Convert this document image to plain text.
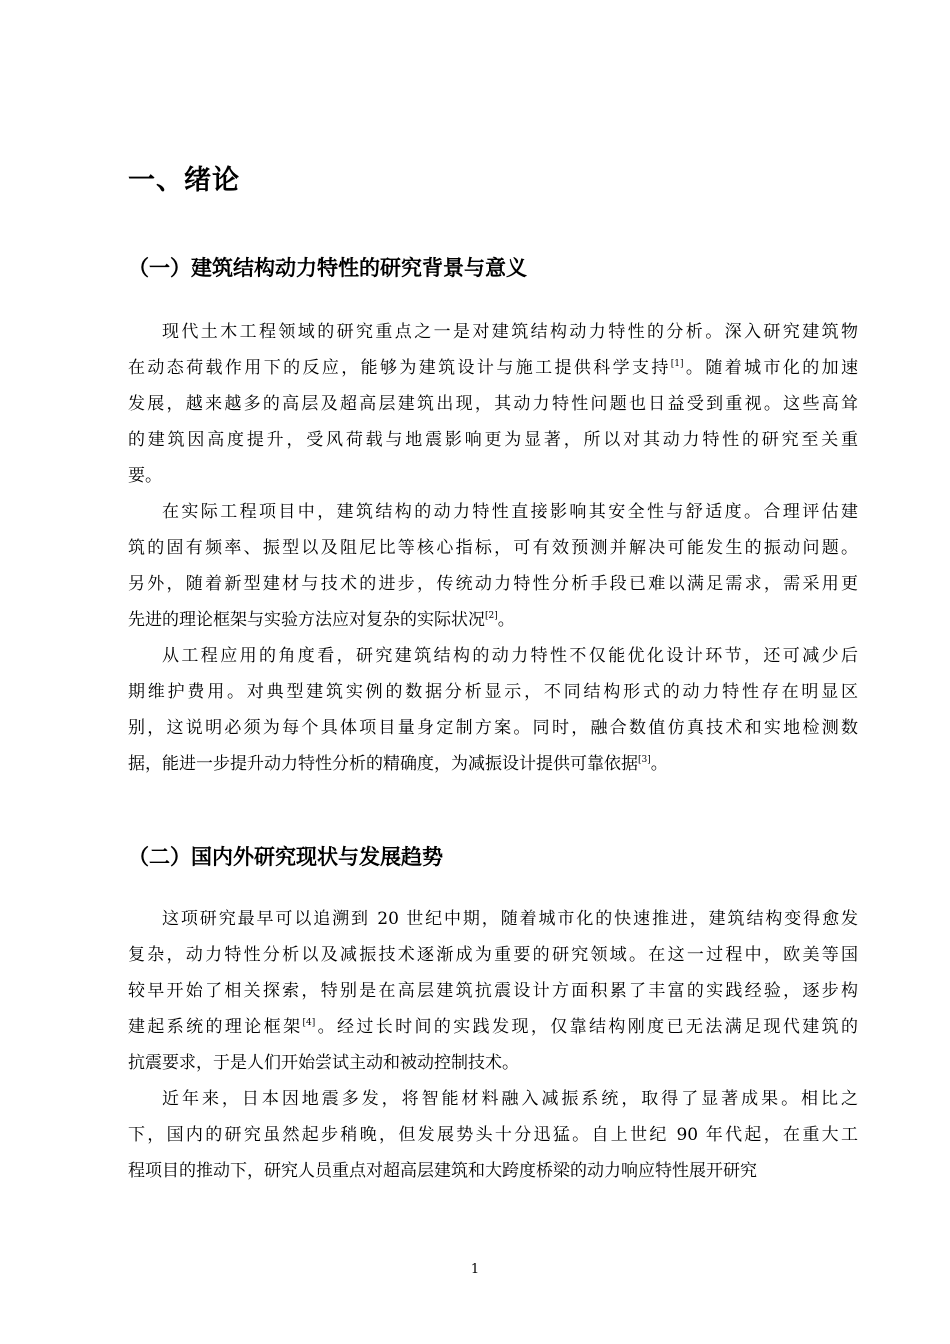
一、绪论
（一）建筑结构动力特性的研究背景与意义
现代土木工程领域的研究重点之一是对建筑结构动力特性的分析。深入研究建筑物
在动态荷载作用下的反应，能够为建筑设计与施工提供科学支持[1]。随着城市化的加速
发展，越来越多的高层及超高层建筑出现，其动力特性问题也日益受到重视。这些高耸
的建筑因高度提升，受风荷载与地震影响更为显著，所以对其动力特性的研究至关重
要。
在实际工程项目中，建筑结构的动力特性直接影响其安全性与舒适度。合理评估建
筑的固有频率、振型以及阻尼比等核心指标，可有效预测并解决可能发生的振动问题。
另外，随着新型建材与技术的进步，传统动力特性分析手段已难以满足需求，需采用更
先进的理论框架与实验方法应对复杂的实际状况[2]。
从工程应用的角度看，研究建筑结构的动力特性不仅能优化设计环节，还可减少后
期维护费用。对典型建筑实例的数据分析显示，不同结构形式的动力特性存在明显区
别，这说明必须为每个具体项目量身定制方案。同时，融合数值仿真技术和实地检测数
据，能进一步提升动力特性分析的精确度，为减振设计提供可靠依据[3]。
（二）国内外研究现状与发展趋势
这项研究最早可以追溯到 20 世纪中期，随着城市化的快速推进，建筑结构变得愈发
复杂，动力特性分析以及减振技术逐渐成为重要的研究领域。在这一过程中，欧美等国
较早开始了相关探索，特别是在高层建筑抗震设计方面积累了丰富的实践经验，逐步构
建起系统的理论框架[4]。经过长时间的实践发现，仅靠结构刚度已无法满足现代建筑的
抗震要求，于是人们开始尝试主动和被动控制技术。
近年来，日本因地震多发，将智能材料融入减振系统，取得了显著成果。相比之
下，国内的研究虽然起步稍晚，但发展势头十分迅猛。自上世纪 90 年代起，在重大工
程项目的推动下，研究人员重点对超高层建筑和大跨度桥梁的动力响应特性展开研究
1
